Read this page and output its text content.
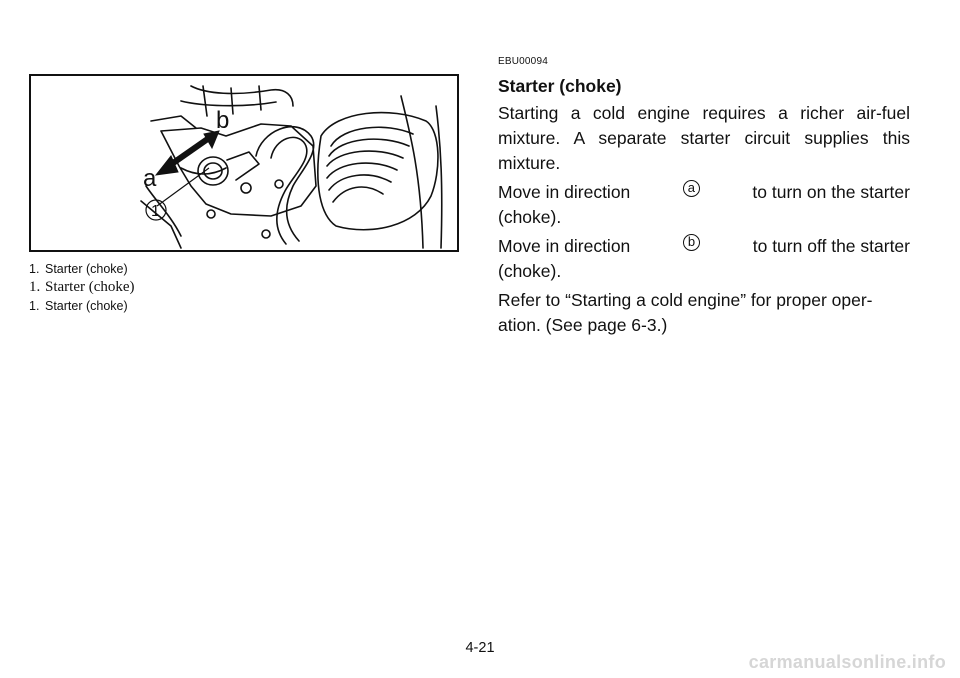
b
a
1
1. Starter (choke)
1. Starter (choke)
1. Starter (choke)
EBU00094
Starter (choke)

Starting a cold engine requires a richer air-fuel mixture. A separate starter circuit supplies this mixture.

Move in direction	a	to turn on the starter

(choke).

Move in direction	b	to turn off the starter

(choke).

Refer to “Starting a cold engine” for proper oper- ation. (See page 6-3.)

4-21
carmanualsonline.info
